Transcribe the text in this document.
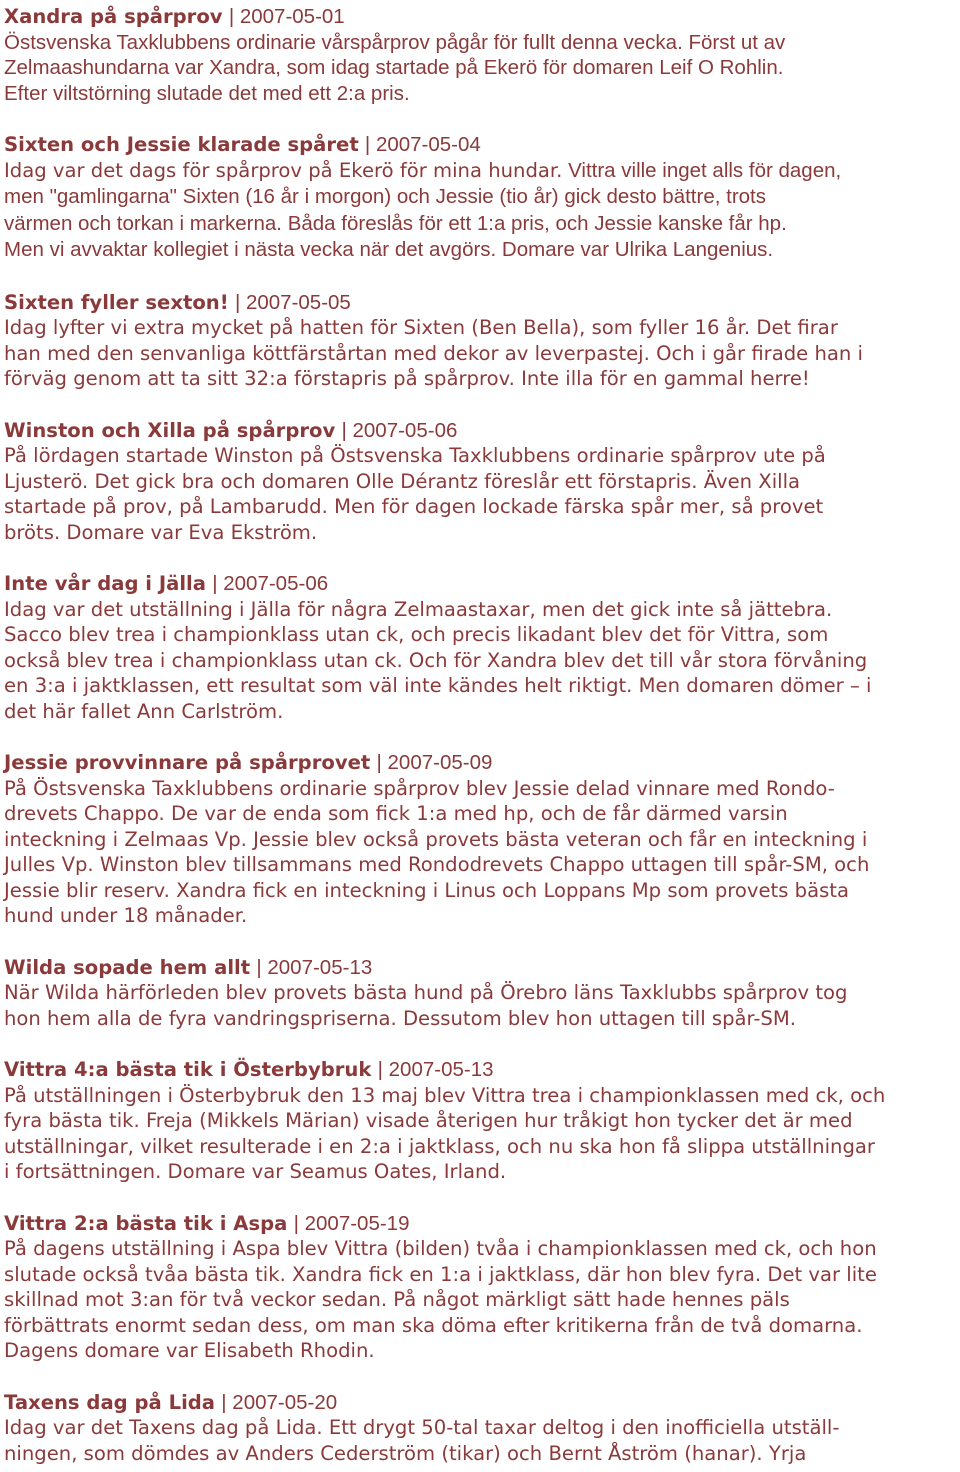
Xandra på spårprov | 2007-05-01
Östsvenska Taxklubbens ordinarie vårspårprov pågår för fullt denna vecka. Först ut av
Zelmaashundarna var Xandra, som idag startade på Ekerö för domaren Leif O Rohlin.
Efter viltstörning slutade det med ett 2:a pris.
Sixten och Jessie klarade spåret | 2007-05-04
Idag var det dags för spårprov på Ekerö för mina hundar. Vittra ville inget alls för dagen,
men "gamlingarna" Sixten (16 år i morgon) och Jessie (tio år) gick desto bättre, trots
värmen och torkan i markerna. Båda föreslås för ett 1:a pris, och Jessie kanske får hp.
Men vi avvaktar kollegiet i nästa vecka när det avgörs. Domare var Ulrika Langenius.
Sixten fyller sexton! | 2007-05-05
Idag lyfter vi extra mycket på hatten för Sixten (Ben Bella), som fyller 16 år. Det firar
han med den senvanliga köttfärstårtan med dekor av leverpastej. Och i går firade han i
förväg genom att ta sitt 32:a förstapris på spårprov. Inte illa för en gammal herre!
Winston och Xilla på spårprov | 2007-05-06
På lördagen startade Winston på Östsvenska Taxklubbens ordinarie spårprov ute på
Ljusterö. Det gick bra och domaren Olle Dérantz föreslår ett förstapris. Även Xilla
startade på prov, på Lambarudd. Men för dagen lockade färska spår mer, så provet
bröts. Domare var Eva Ekström.
Inte vår dag i Jälla | 2007-05-06
Idag var det utställning i Jälla för några Zelmaastaxar, men det gick inte så jättebra.
Sacco blev trea i championklass utan ck, och precis likadant blev det för Vittra, som
också blev trea i championklass utan ck. Och för Xandra blev det till vår stora förvåning
en 3:a i jaktklassen, ett resultat som väl inte kändes helt riktigt. Men domaren dömer – i
det här fallet Ann Carlström.
Jessie provvinnare på spårprovet | 2007-05-09
På Östsvenska Taxklubbens ordinarie spårprov blev Jessie delad vinnare med Rondo-
drevets Chappo. De var de enda som fick 1:a med hp, och de får därmed varsin
inteckning i Zelmaas Vp. Jessie blev också provets bästa veteran och får en inteckning i
Julles Vp. Winston blev tillsammans med Rondodrevets Chappo uttagen till spår-SM, och
Jessie blir reserv. Xandra fick en inteckning i Linus och Loppans Mp som provets bästa
hund under 18 månader.
Wilda sopade hem allt | 2007-05-13
När Wilda härförleden blev provets bästa hund på Örebro läns Taxklubbs spårprov tog
hon hem alla de fyra vandringspriserna. Dessutom blev hon uttagen till spår-SM.
Vittra 4:a bästa tik i Österbybruk | 2007-05-13
På utställningen i Österbybruk den 13 maj blev Vittra trea i championklassen med ck, och
fyra bästa tik. Freja (Mikkels Märian) visade återigen hur tråkigt hon tycker det är med
utställningar, vilket resulterade i en 2:a i jaktklass, och nu ska hon få slippa utställningar
i fortsättningen. Domare var Seamus Oates, Irland.
Vittra 2:a bästa tik i Aspa | 2007-05-19
På dagens utställning i Aspa blev Vittra (bilden) tvåa i championklassen med ck, och hon
slutade också tvåa bästa tik. Xandra fick en 1:a i jaktklass, där hon blev fyra. Det var lite
skillnad mot 3:an för två veckor sedan. På något märkligt sätt hade hennes päls
förbättrats enormt sedan dess, om man ska döma efter kritikerna från de två domarna.
Dagens domare var Elisabeth Rhodin.
Taxens dag på Lida | 2007-05-20
Idag var det Taxens dag på Lida. Ett drygt 50-tal taxar deltog i den inofficiella utställ-
ningen, som dömdes av Anders Cederström (tikar) och Bernt Åström (hanar). Yrja
